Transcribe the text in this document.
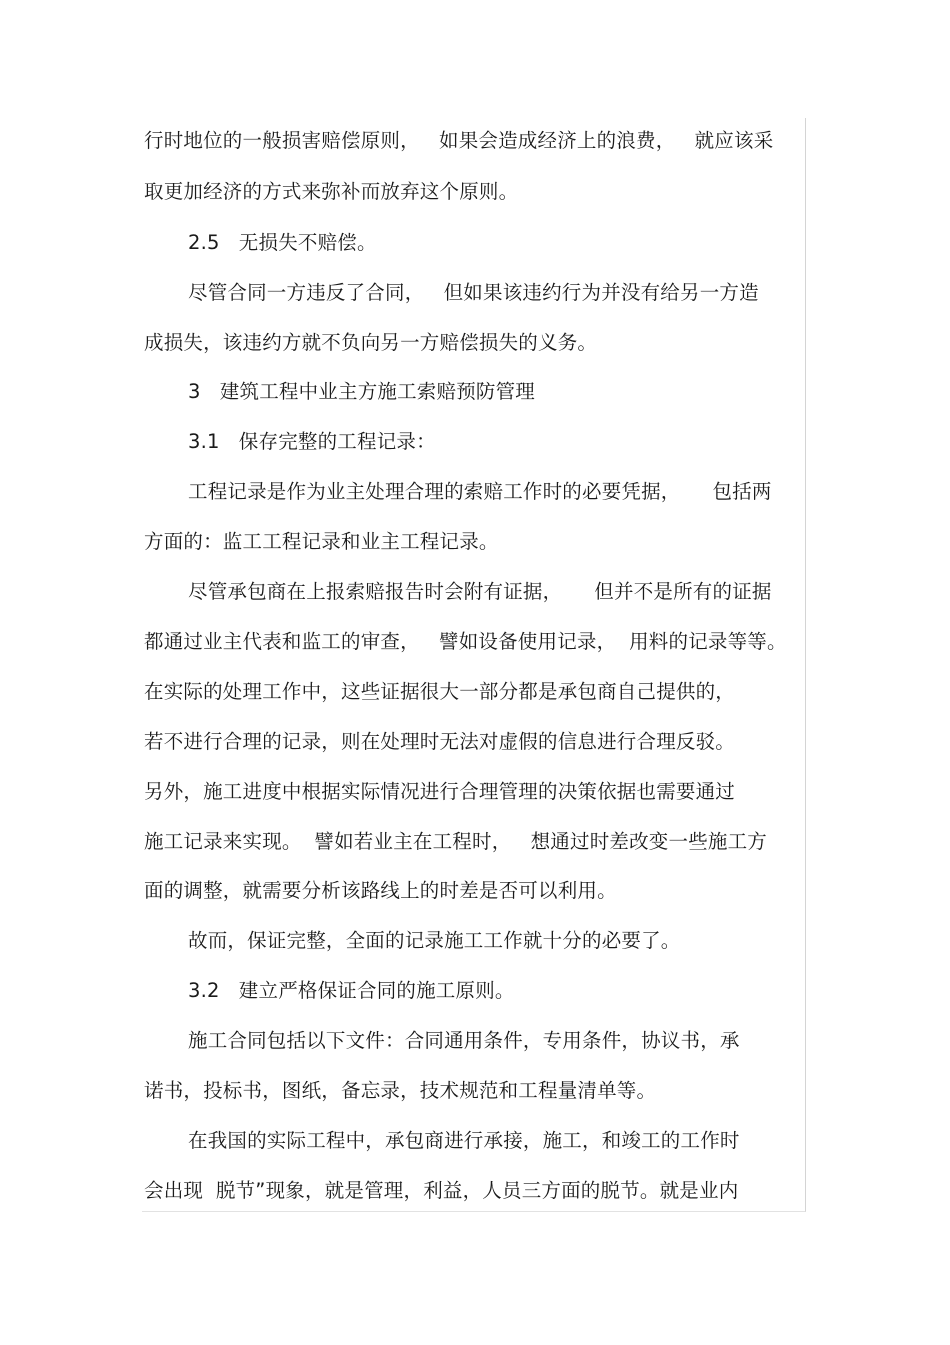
行时地位的一般损害赔偿原则，   如果会造成经济上的浪费，   就应该采
取更加经济的方式来弥补而放弃这个原则。
2.5   无损失不赔偿。
尽管合同一方违反了合同，   但如果该违约行为并没有给另一方造
成损失，该违约方就不负向另一方赔偿损失的义务。
3   建筑工程中业主方施工索赔预防管理
3.1   保存完整的工程记录：
工程记录是作为业主处理合理的索赔工作时的必要凭据，     包括两
方面的：监工工程记录和业主工程记录。
尽管承包商在上报索赔报告时会附有证据，     但并不是所有的证据
都通过业主代表和监工的审查，   譬如设备使用记录，  用料的记录等等。
在实际的处理工作中，这些证据很大一部分都是承包商自己提供的，
若不进行合理的记录，则在处理时无法对虚假的信息进行合理反驳。
另外，施工进度中根据实际情况进行合理管理的决策依据也需要通过
施工记录来实现。  譬如若业主在工程时，   想通过时差改变一些施工方
面的调整，就需要分析该路线上的时差是否可以利用。
故而，保证完整，全面的记录施工工作就十分的必要了。
3.2   建立严格保证合同的施工原则。
施工合同包括以下文件：合同通用条件，专用条件，协议书，承
诺书，投标书，图纸，备忘录，技术规范和工程量清单等。
在我国的实际工程中，承包商进行承接，施工，和竣工的工作时
会出现  脱节”现象，就是管理，利益，人员三方面的脱节。就是业内
